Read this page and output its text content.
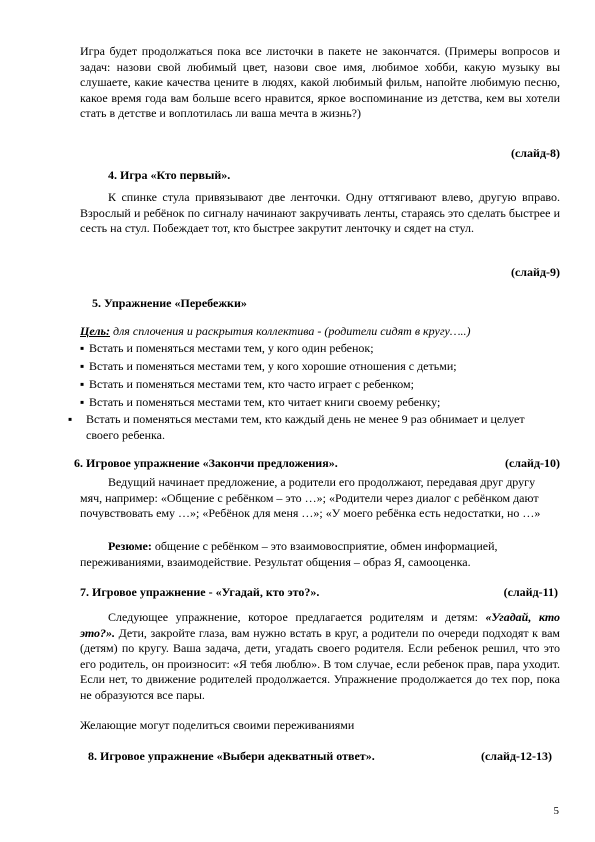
Игра будет продолжаться пока все листочки в пакете не закончатся. (Примеры вопросов и задач: назови свой любимый цвет, назови свое имя, любимое хобби, какую музыку вы слушаете, какие качества цените в людях, какой любимый фильм, напойте любимую песню, какое время года вам больше всего нравится, яркое воспоминание из детства, кем вы хотели стать в детстве и воплотилась ли ваша мечта в жизнь?)
(слайд-8)
4. Игра «Кто первый».
К спинке стула привязывают две ленточки. Одну оттягивают влево, другую вправо. Взрослый и ребёнок по сигналу начинают закручивать ленты, стараясь это сделать быстрее и сесть на стул. Побеждает тот, кто быстрее закрутит ленточку и сядет на стул.
(слайд-9)
5. Упражнение «Перебежки»
Цель: для сплочения и раскрытия коллектива - (родители сидят в кругу…..)
▪ Встать и поменяться местами тем, у кого один ребенок;
▪ Встать и поменяться местами тем, у кого хорошие отношения с детьми;
▪ Встать и поменяться местами тем, кто часто играет с ребенком;
▪ Встать и поменяться местами тем, кто читает книги своему ребенку;
▪	Встать и поменяться местами тем, кто каждый день не менее 9 раз обнимает и целует своего ребенка.
6. Игровое упражнение «Закончи предложения».	(слайд-10)
Ведущий начинает предложение, а родители его продолжают, передавая друг другу мяч, например: «Общение с ребёнком – это …»; «Родители через диалог с ребёнком дают почувствовать ему …»; «Ребёнок для меня …»; «У моего ребёнка есть недостатки, но …»
Резюме: общение с ребёнком – это взаимовосприятие, обмен информацией, переживаниями, взаимодействие. Результат общения – образ Я, самооценка.
7. Игровое упражнение - «Угадай, кто это?».	(слайд-11)
Следующее упражнение, которое предлагается родителям и детям: «Угадай, кто это?». Дети, закройте глаза, вам нужно встать в круг, а родители по очереди подходят к вам (детям) по кругу. Ваша задача, дети, угадать своего родителя. Если ребенок решил, что это его родитель, он произносит: «Я тебя люблю». В том случае, если ребенок прав, пара уходит. Если нет, то движение родителей продолжается. Упражнение продолжается до тех пор, пока не образуются все пары.
Желающие могут поделиться своими переживаниями
8. Игровое упражнение «Выбери адекватный ответ».	(слайд-12-13)
5
